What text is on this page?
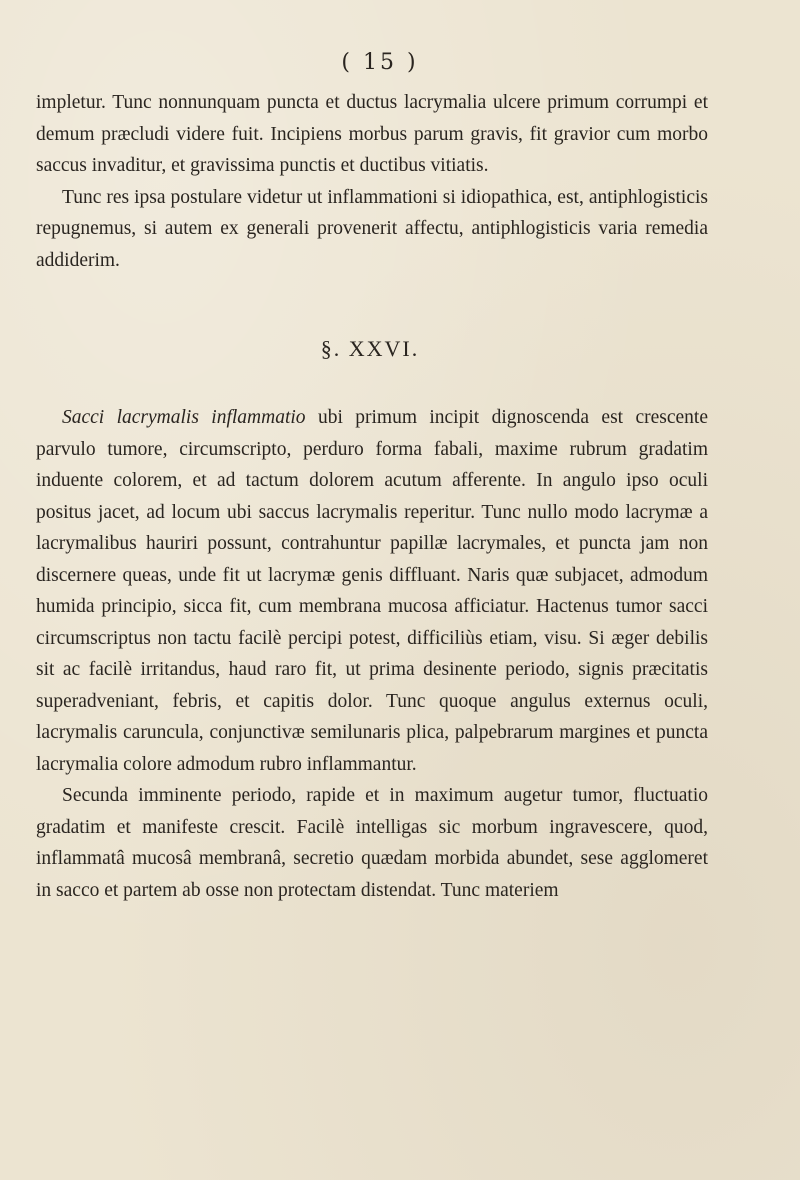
( 15 )

impletur. Tunc nonnunquam puncta et ductus lacrymalia ulcere primum corrumpi et demum præcludi videre fuit. Incipiens morbus parum gravis, fit gravior cum morbo saccus invaditur, et gravissima punctis et ductibus vitiatis.

Tunc res ipsa postulare videtur ut inflammationi si idiopathica, est, antiphlogisticis repugnemus, si autem ex generali provenerit affectu, antiphlogisticis varia remedia addiderim.

§. XXVI.

Sacci lacrymalis inflammatio ubi primum incipit dignoscenda est crescente parvulo tumore, circumscripto, perduro forma fabali, maxime rubrum gradatim induente colorem, et ad tactum dolorem acutum afferente. In angulo ipso oculi positus jacet, ad locum ubi saccus lacrymalis reperitur. Tunc nullo modo lacrymæ a lacrymalibus hauriri possunt, contrahuntur papillæ lacrymales, et puncta jam non discernere queas, unde fit ut lacrymæ genis diffluant. Naris quæ subjacet, admodum humida principio, sicca fit, cum membrana mucosa afficiatur. Hactenus tumor sacci circumscriptus non tactu facilè percipi potest, difficiliùs etiam, visu. Si æger debilis sit ac facilè irritandus, haud raro fit, ut prima desinente periodo, signis præcitatis superadveniant, febris, et capitis dolor. Tunc quoque angulus externus oculi, lacrymalis caruncula, conjunctivæ semilunaris plica, palpebrarum margines et puncta lacrymalia colore admodum rubro inflammantur.

Secunda imminente periodo, rapide et in maximum augetur tumor, fluctuatio gradatim et manifeste crescit. Facilè intelligas sic morbum ingravescere, quod, inflammatâ mucosâ membranâ, secretio quædam morbida abundet, sese agglomeret in sacco et partem ab osse non protectam distendat. Tunc materiem
